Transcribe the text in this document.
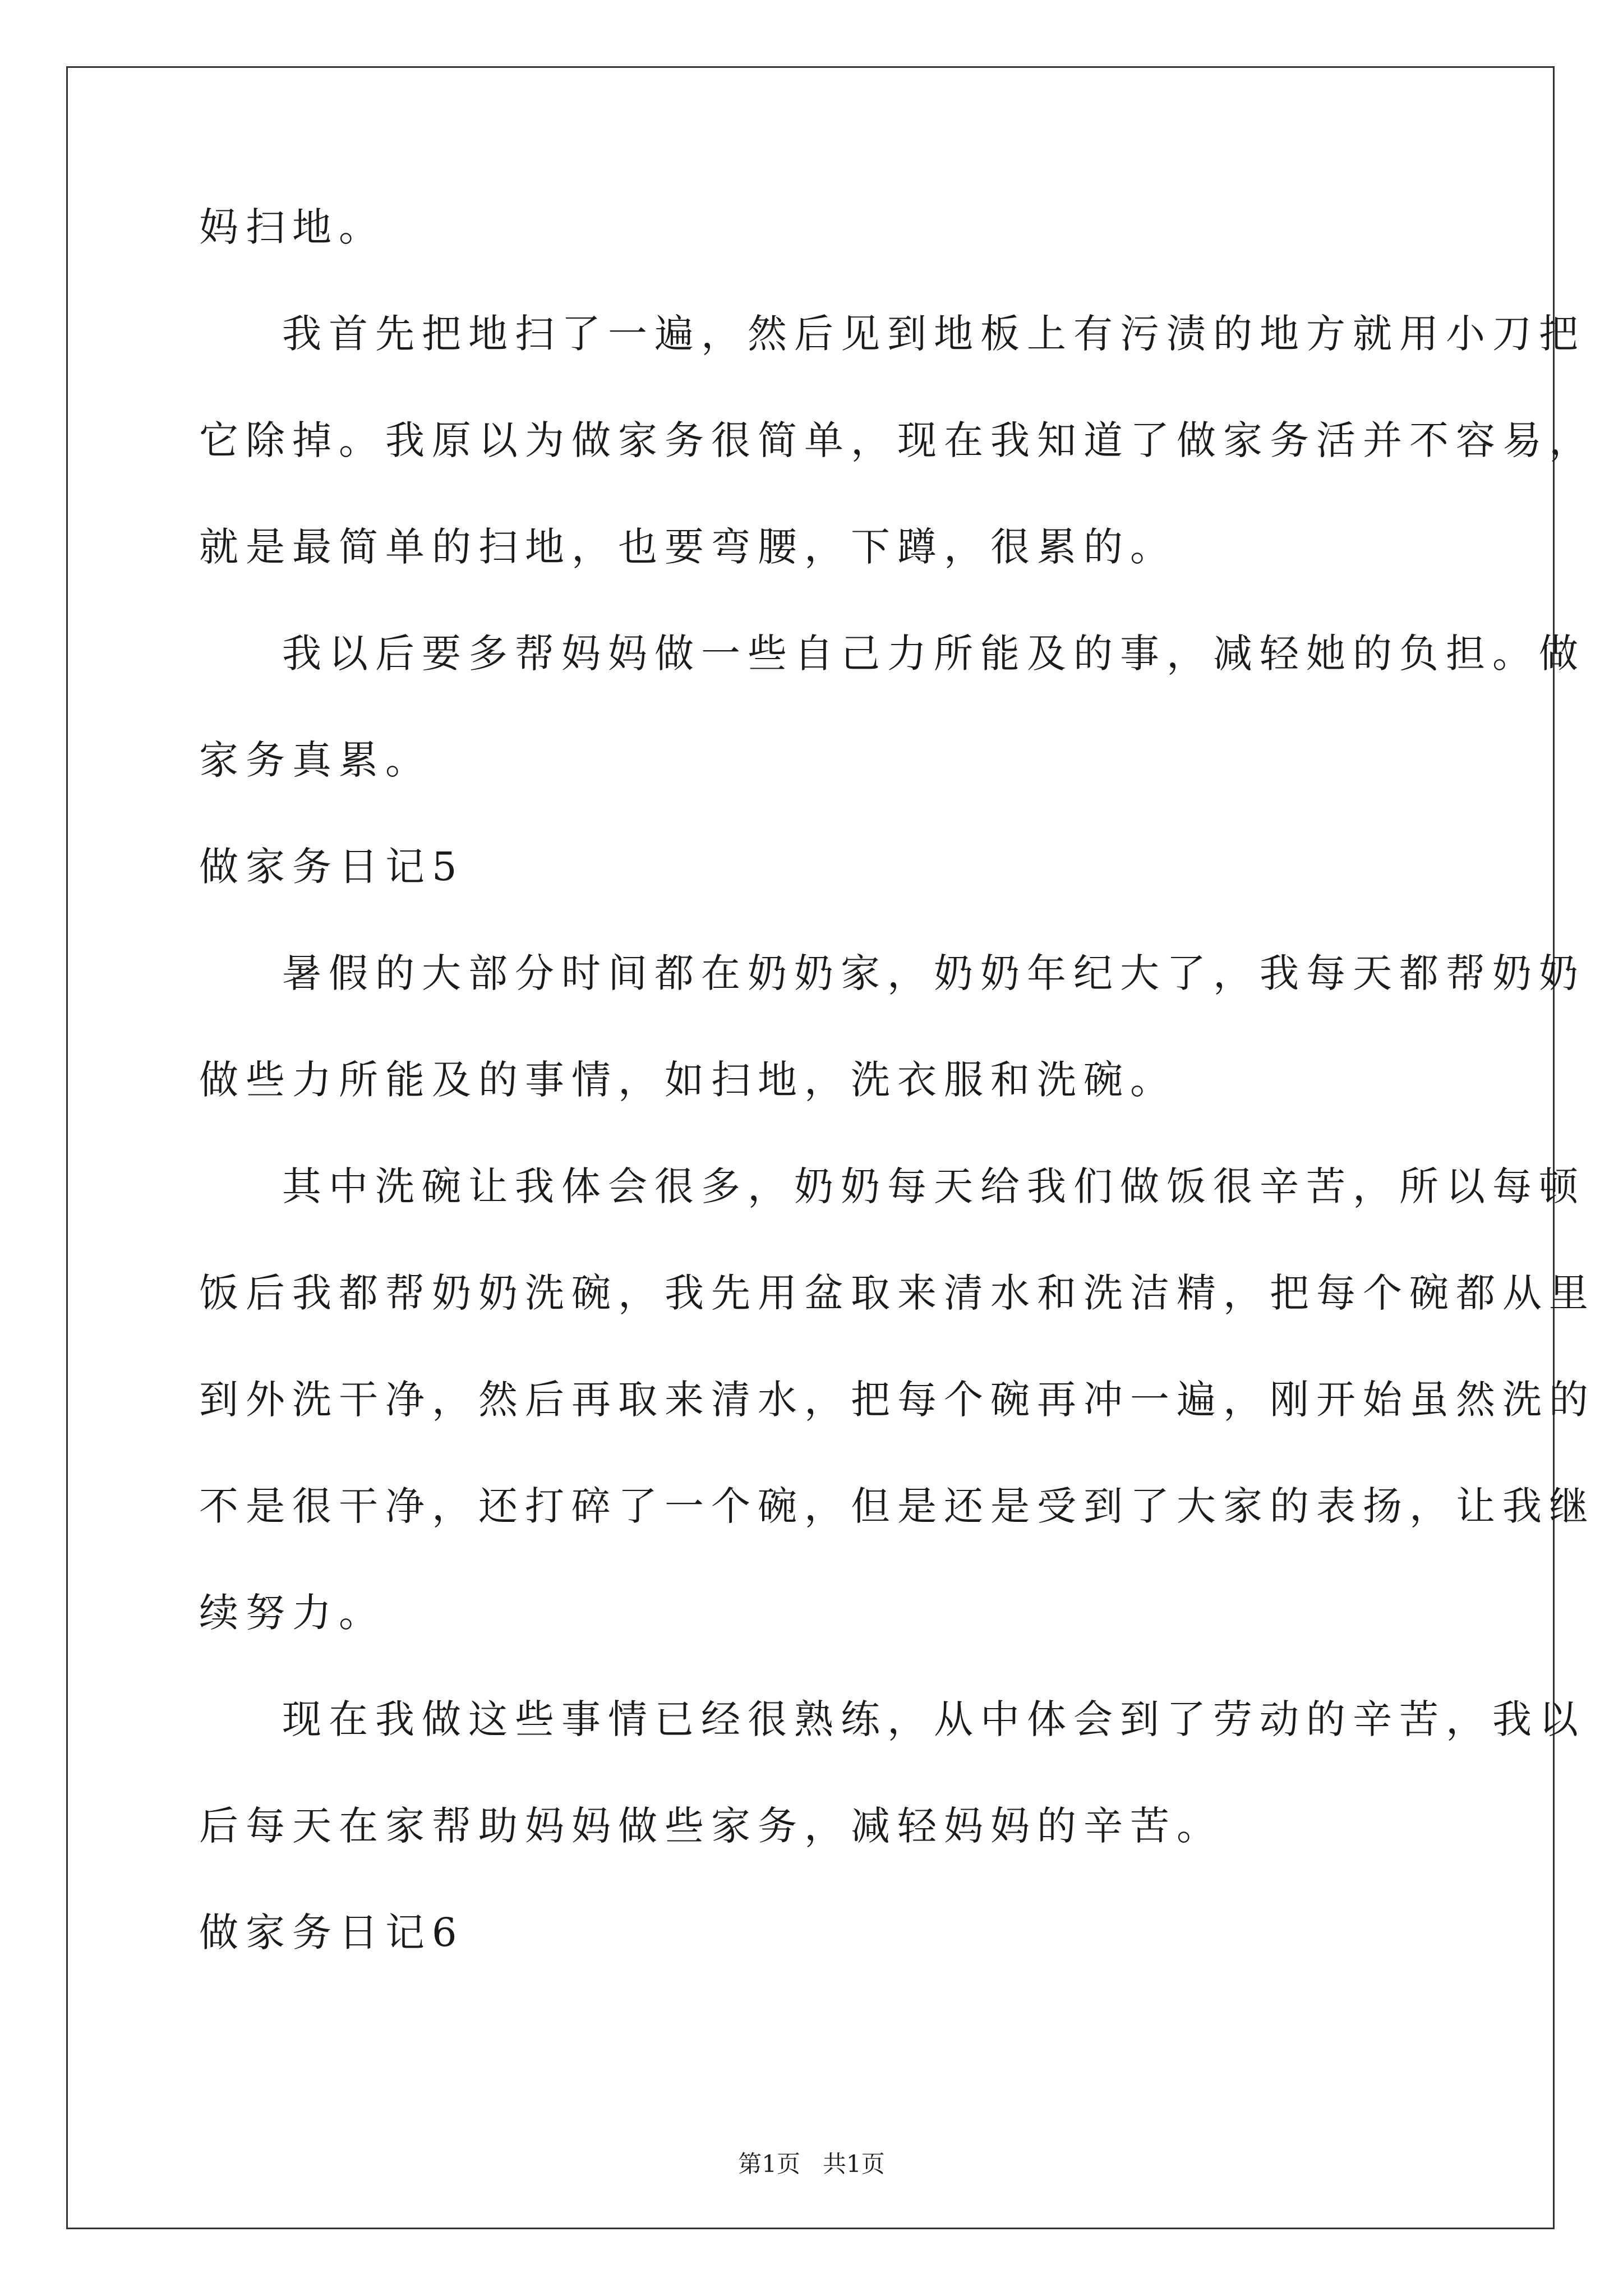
妈扫地。
我首先把地扫了一遍，然后见到地板上有污渍的地方就用小刀把
它除掉。我原以为做家务很简单，现在我知道了做家务活并不容易，
就是最简单的扫地，也要弯腰，下蹲，很累的。
我以后要多帮妈妈做一些自己力所能及的事，减轻她的负担。做
家务真累。
做家务日记5
暑假的大部分时间都在奶奶家，奶奶年纪大了，我每天都帮奶奶
做些力所能及的事情，如扫地，洗衣服和洗碗。
其中洗碗让我体会很多，奶奶每天给我们做饭很辛苦，所以每顿
饭后我都帮奶奶洗碗，我先用盆取来清水和洗洁精，把每个碗都从里
到外洗干净，然后再取来清水，把每个碗再冲一遍，刚开始虽然洗的
不是很干净，还打碎了一个碗，但是还是受到了大家的表扬，让我继
续努力。
现在我做这些事情已经很熟练，从中体会到了劳动的辛苦，我以
后每天在家帮助妈妈做些家务，减轻妈妈的辛苦。
做家务日记6
第1页 共1页
